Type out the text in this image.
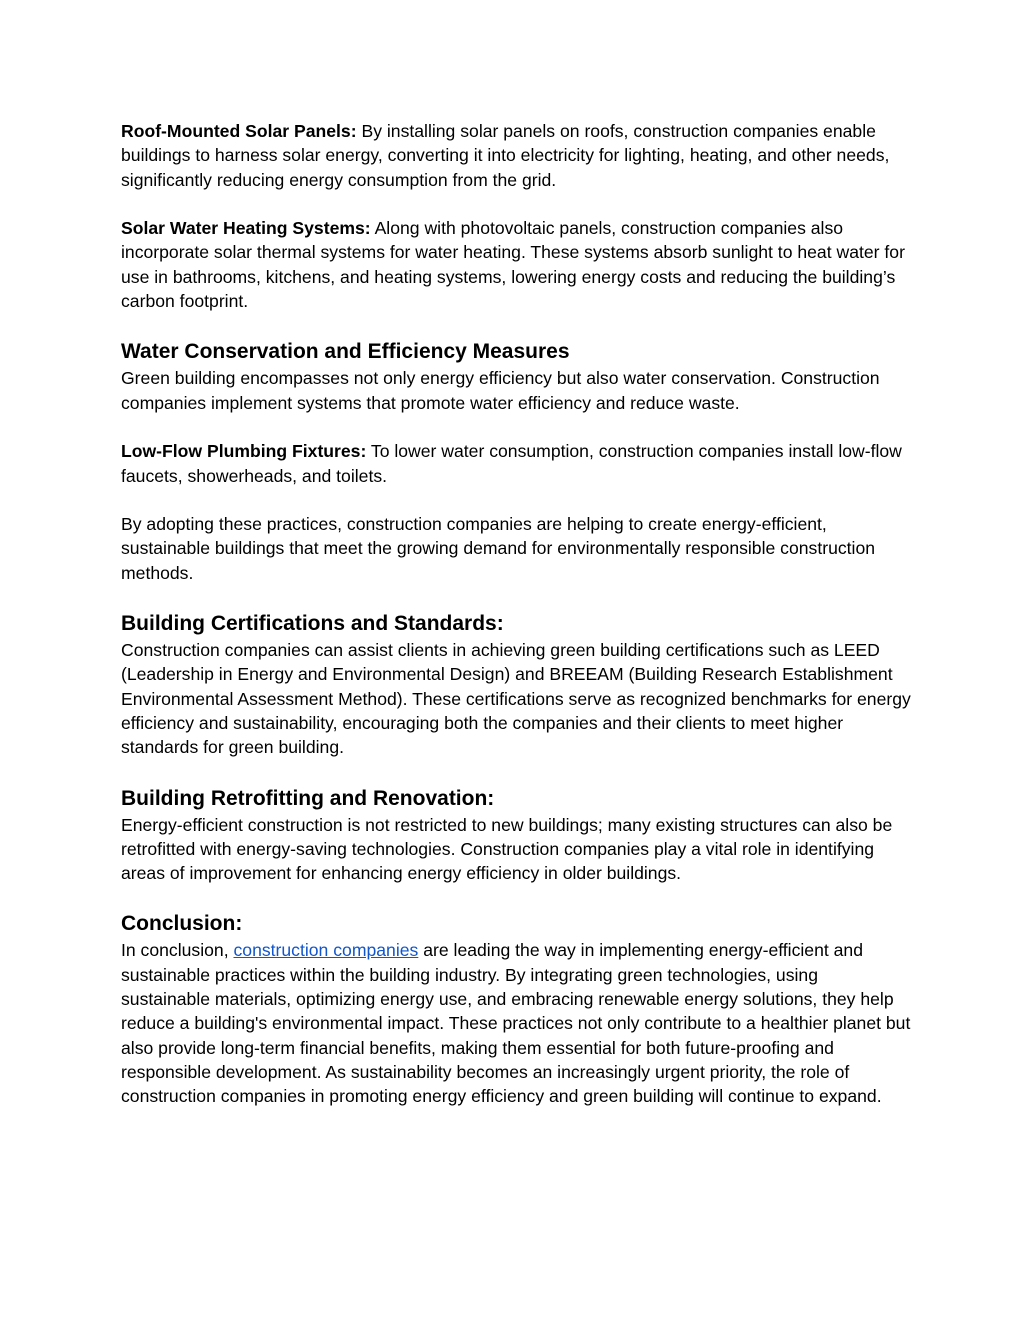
Roof-Mounted Solar Panels: By installing solar panels on roofs, construction companies enable buildings to harness solar energy, converting it into electricity for lighting, heating, and other needs, significantly reducing energy consumption from the grid.

Solar Water Heating Systems: Along with photovoltaic panels, construction companies also incorporate solar thermal systems for water heating. These systems absorb sunlight to heat water for use in bathrooms, kitchens, and heating systems, lowering energy costs and reducing the building’s carbon footprint.

Water Conservation and Efficiency Measures

Green building encompasses not only energy efficiency but also water conservation. Construction companies implement systems that promote water efficiency and reduce waste.

Low-Flow Plumbing Fixtures: To lower water consumption, construction companies install low-flow faucets, showerheads, and toilets.

By adopting these practices, construction companies are helping to create energy-efficient, sustainable buildings that meet the growing demand for environmentally responsible construction methods.

Building Certifications and Standards:

Construction companies can assist clients in achieving green building certifications such as LEED (Leadership in Energy and Environmental Design) and BREEAM (Building Research Establishment Environmental Assessment Method). These certifications serve as recognized benchmarks for energy efficiency and sustainability, encouraging both the companies and their clients to meet higher standards for green building.

Building Retrofitting and Renovation:

Energy-efficient construction is not restricted to new buildings; many existing structures can also be retrofitted with energy-saving technologies. Construction companies play a vital role in identifying areas of improvement for enhancing energy efficiency in older buildings.

Conclusion:

In conclusion, construction companies are leading the way in implementing energy-efficient and sustainable practices within the building industry. By integrating green technologies, using sustainable materials, optimizing energy use, and embracing renewable energy solutions, they help reduce a building's environmental impact. These practices not only contribute to a healthier planet but also provide long-term financial benefits, making them essential for both future-proofing and responsible development. As sustainability becomes an increasingly urgent priority, the role of construction companies in promoting energy efficiency and green building will continue to expand.
